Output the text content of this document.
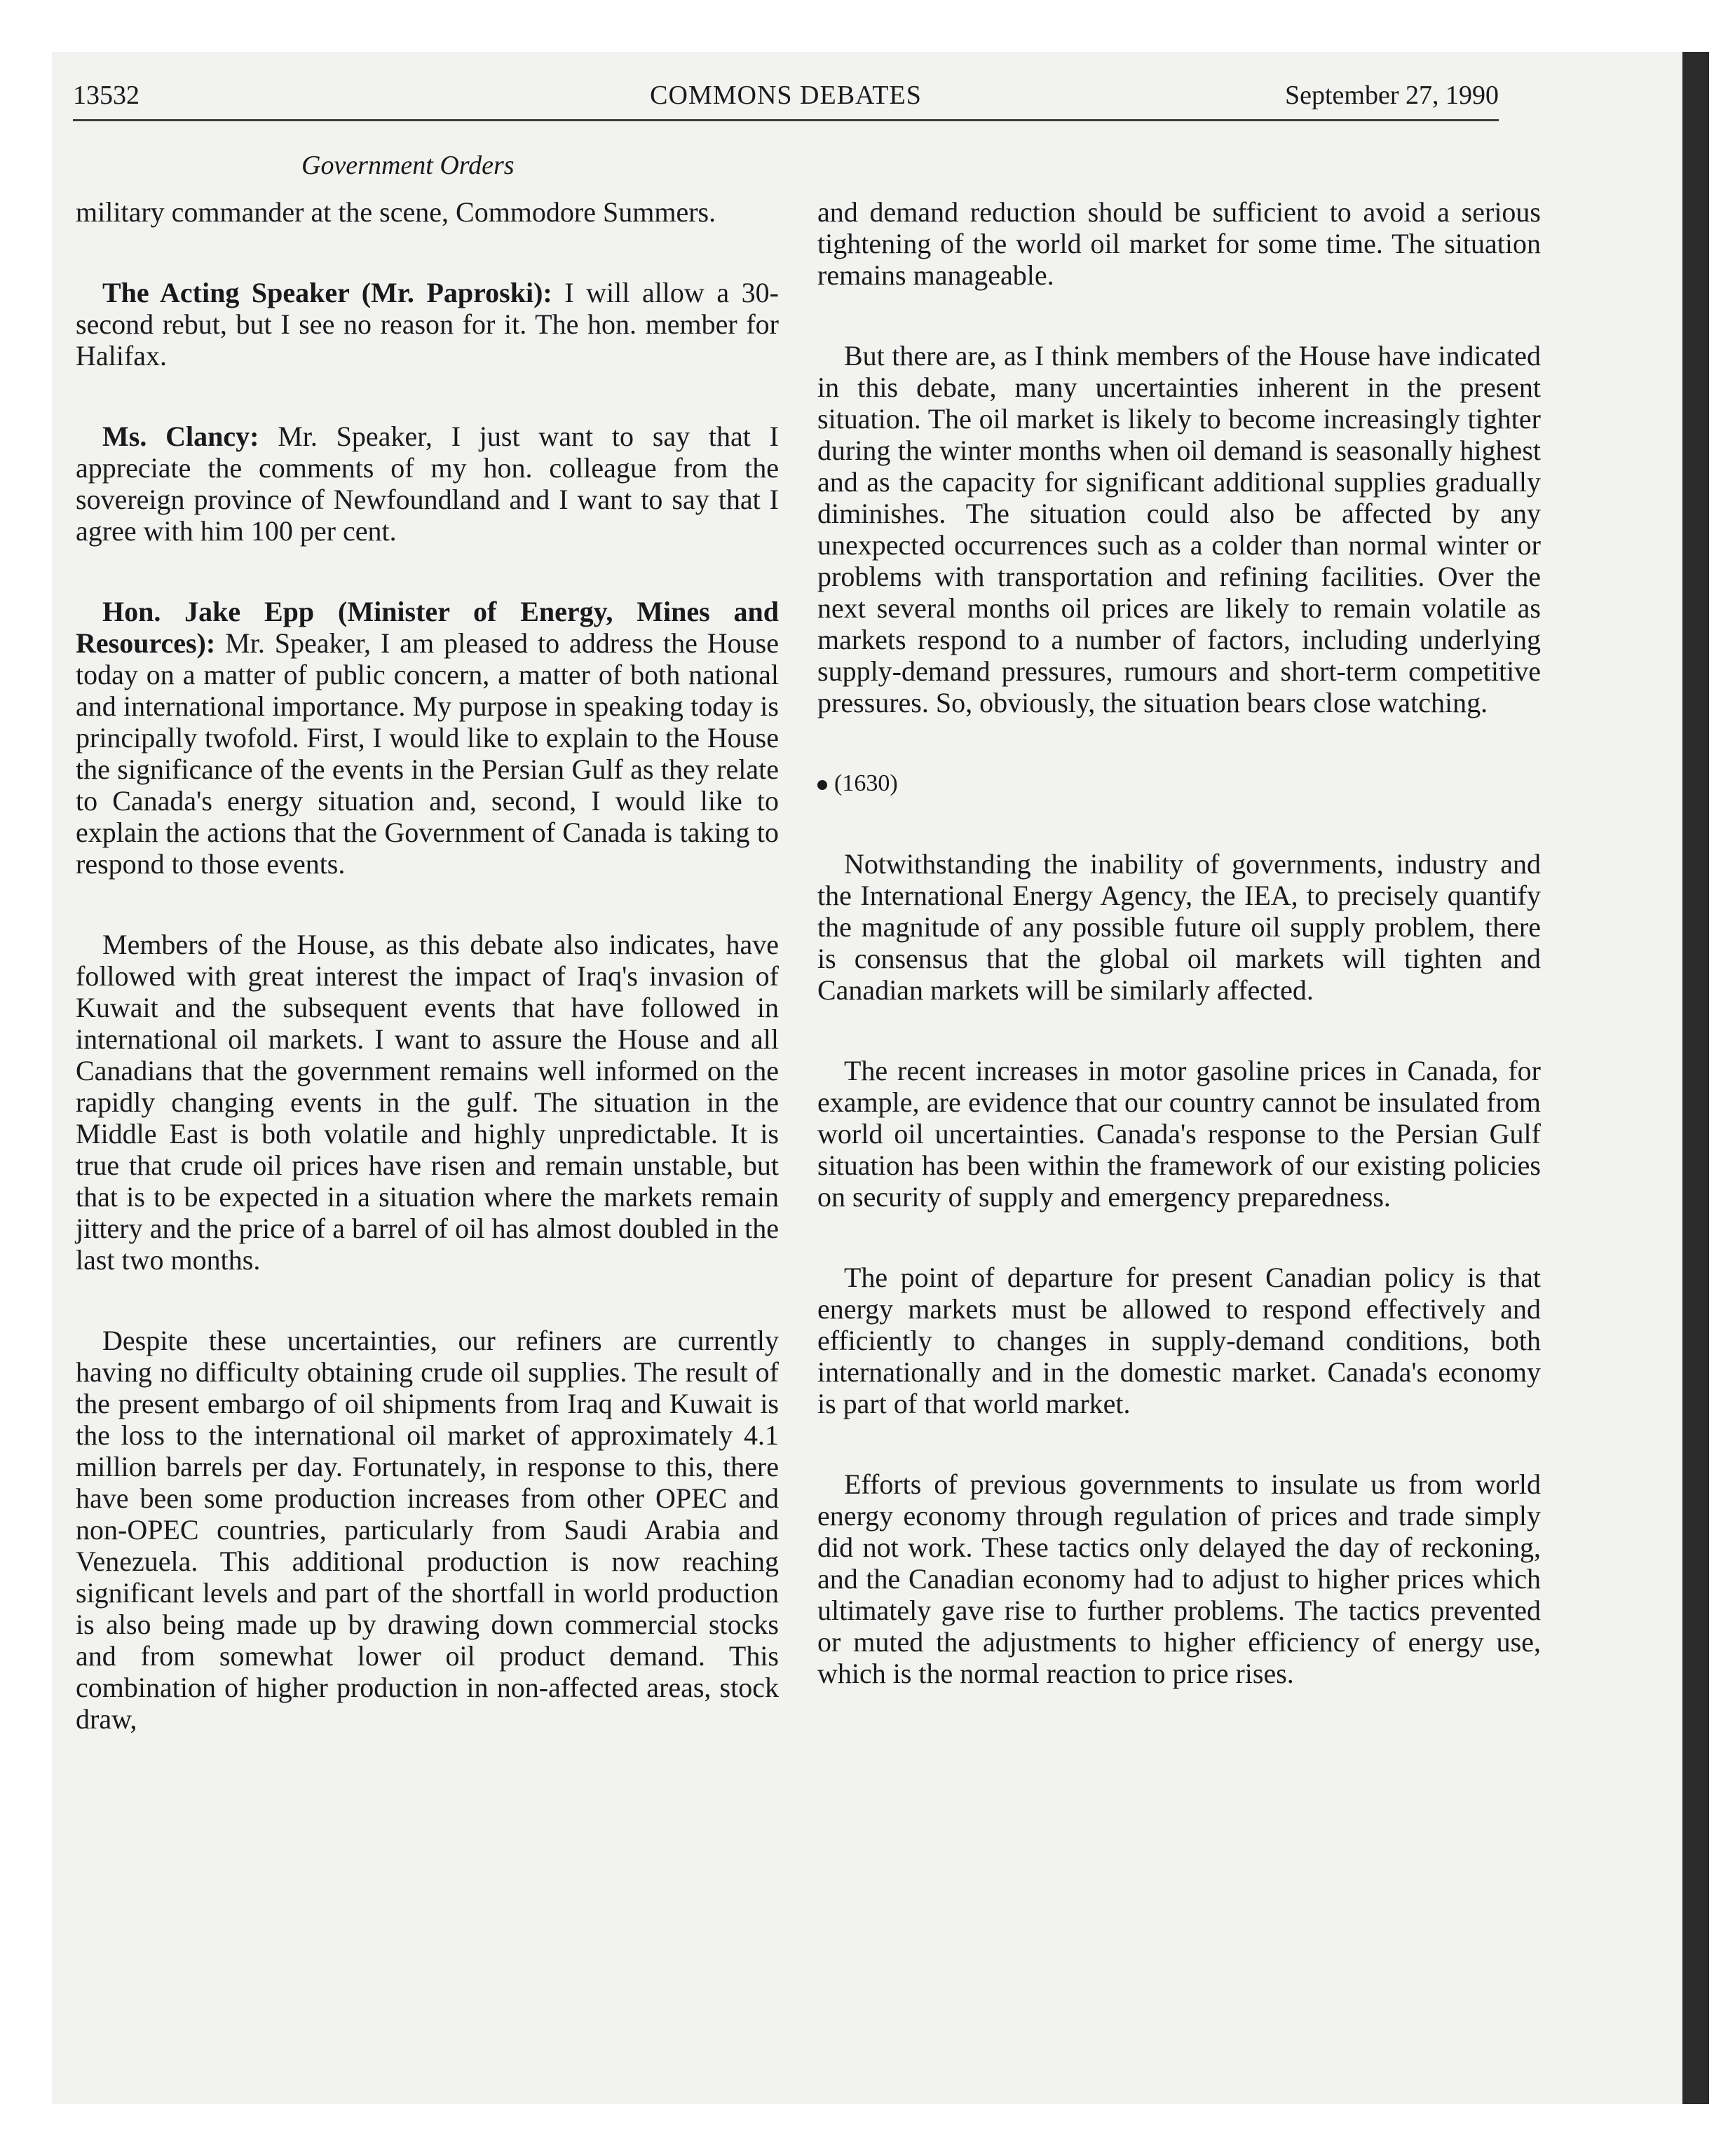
13532	COMMONS DEBATES	September 27, 1990
Government Orders

military commander at the scene, Commodore Summers.

The Acting Speaker (Mr. Paproski): I will allow a 30-second rebut, but I see no reason for it. The hon. member for Halifax.

Ms. Clancy: Mr. Speaker, I just want to say that I appreciate the comments of my hon. colleague from the sovereign province of Newfoundland and I want to say that I agree with him 100 per cent.

Hon. Jake Epp (Minister of Energy, Mines and Resources): Mr. Speaker, I am pleased to address the House today on a matter of public concern, a matter of both national and international importance. My purpose in speaking today is principally twofold. First, I would like to explain to the House the significance of the events in the Persian Gulf as they relate to Canada's energy situation and, second, I would like to explain the actions that the Government of Canada is taking to respond to those events.

Members of the House, as this debate also indicates, have followed with great interest the impact of Iraq's invasion of Kuwait and the subsequent events that have followed in international oil markets. I want to assure the House and all Canadians that the government remains well informed on the rapidly changing events in the gulf. The situation in the Middle East is both volatile and highly unpredictable. It is true that crude oil prices have risen and remain unstable, but that is to be expected in a situation where the markets remain jittery and the price of a barrel of oil has almost doubled in the last two months.

Despite these uncertainties, our refiners are currently having no difficulty obtaining crude oil supplies. The result of the present embargo of oil shipments from Iraq and Kuwait is the loss to the international oil market of approximately 4.1 million barrels per day. Fortunately, in response to this, there have been some production increases from other OPEC and non-OPEC countries, particularly from Saudi Arabia and Venezuela. This additional production is now reaching significant levels and part of the shortfall in world production is also being made up by drawing down commercial stocks and from somewhat lower oil product demand. This combination of higher production in non-affected areas, stock draw,

and demand reduction should be sufficient to avoid a serious tightening of the world oil market for some time. The situation remains manageable.

But there are, as I think members of the House have indicated in this debate, many uncertainties inherent in the present situation. The oil market is likely to become increasingly tighter during the winter months when oil demand is seasonally highest and as the capacity for significant additional supplies gradually diminishes. The situation could also be affected by any unexpected occurrences such as a colder than normal winter or problems with transportation and refining facilities. Over the next several months oil prices are likely to remain volatile as markets respond to a number of factors, including underlying supply-demand pressures, rumours and short-term competitive pressures. So, obviously, the situation bears close watching.

(1630)

Notwithstanding the inability of governments, industry and the International Energy Agency, the IEA, to precisely quantify the magnitude of any possible future oil supply problem, there is consensus that the global oil markets will tighten and Canadian markets will be similarly affected.

The recent increases in motor gasoline prices in Canada, for example, are evidence that our country cannot be insulated from world oil uncertainties. Canada's response to the Persian Gulf situation has been within the framework of our existing policies on security of supply and emergency preparedness.

The point of departure for present Canadian policy is that energy markets must be allowed to respond effectively and efficiently to changes in supply-demand conditions, both internationally and in the domestic market. Canada's economy is part of that world market.

Efforts of previous governments to insulate us from world energy economy through regulation of prices and trade simply did not work. These tactics only delayed the day of reckoning, and the Canadian economy had to adjust to higher prices which ultimately gave rise to further problems. The tactics prevented or muted the adjustments to higher efficiency of energy use, which is the normal reaction to price rises.
